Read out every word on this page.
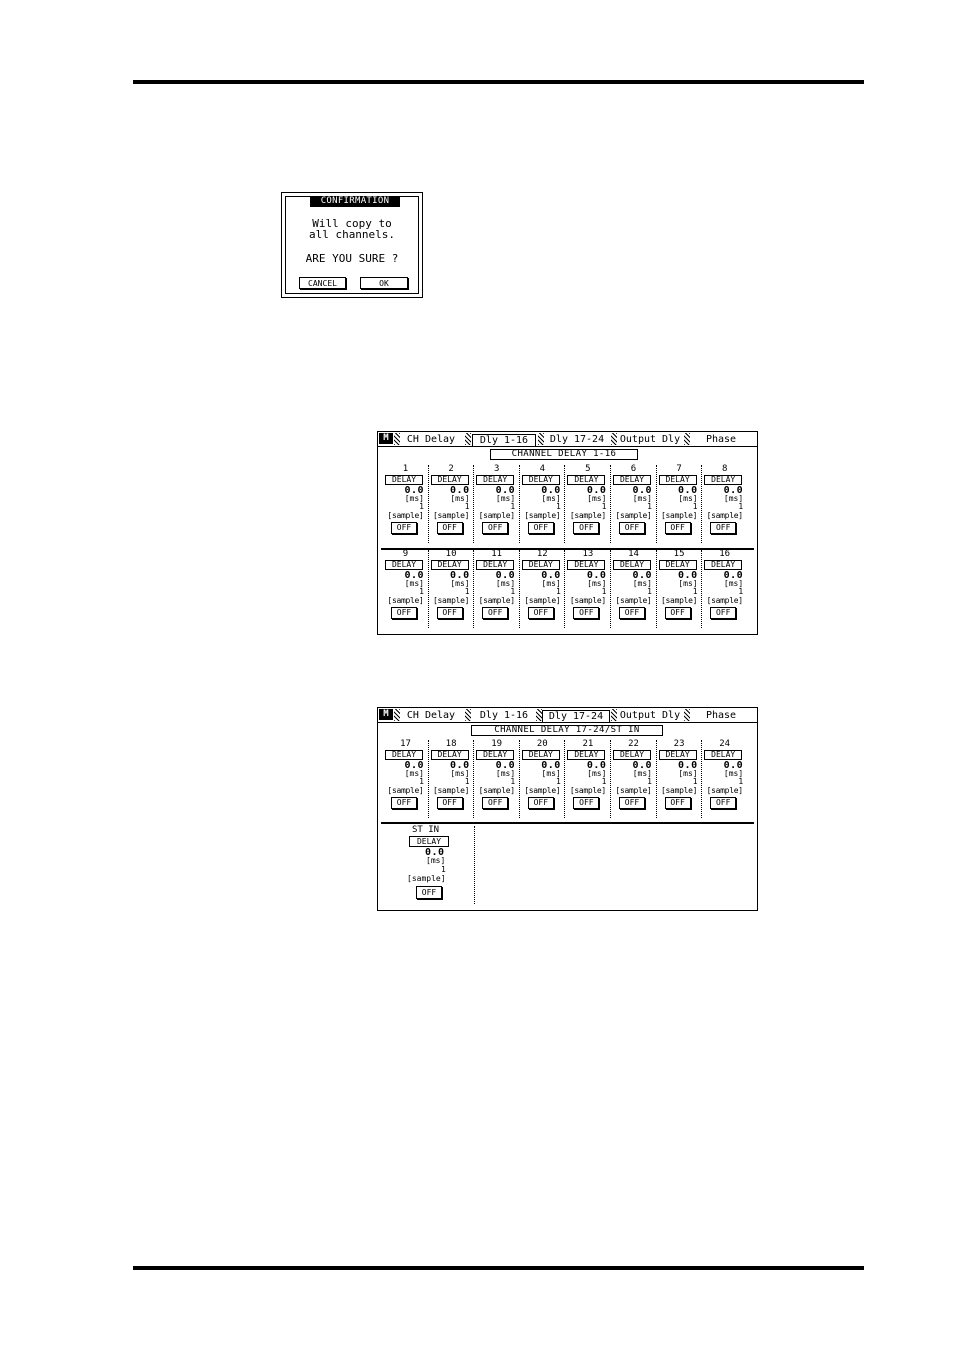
CONFIRMATION
Will copy to
all channels.
ARE YOU SURE ?
CANCEL	OK
M	CH Delay	Dly 1-16	Dly 17-24	Output Dly	Phase
CHANNEL DELAY 1-16
1
DELAY
0.0
[ms]
1
[sample]
OFF
2
DELAY
0.0
[ms]
1
[sample]
OFF
3
DELAY
0.0
[ms]
1
[sample]
OFF
4
DELAY
0.0
[ms]
1
[sample]
OFF
5
DELAY
0.0
[ms]
1
[sample]
OFF
6
DELAY
0.0
[ms]
1
[sample]
OFF
7
DELAY
0.0
[ms]
1
[sample]
OFF
8
DELAY
0.0
[ms]
1
[sample]
OFF
9
DELAY
0.0
[ms]
1
[sample]
OFF
10
DELAY
0.0
[ms]
1
[sample]
OFF
11
DELAY
0.0
[ms]
1
[sample]
OFF
12
DELAY
0.0
[ms]
1
[sample]
OFF
13
DELAY
0.0
[ms]
1
[sample]
OFF
14
DELAY
0.0
[ms]
1
[sample]
OFF
15
DELAY
0.0
[ms]
1
[sample]
OFF
16
DELAY
0.0
[ms]
1
[sample]
OFF
M	CH Delay	Dly 1-16	Dly 17-24	Output Dly	Phase
CHANNEL DELAY 17-24/ST IN
ST IN
DELAY
0.0
[ms]
1
[sample]
OFF
17
DELAY
0.0
[ms]
1
[sample]
OFF
18
DELAY
0.0
[ms]
1
[sample]
OFF
19
DELAY
0.0
[ms]
1
[sample]
OFF
20
DELAY
0.0
[ms]
1
[sample]
OFF
21
DELAY
0.0
[ms]
1
[sample]
OFF
22
DELAY
0.0
[ms]
1
[sample]
OFF
23
DELAY
0.0
[ms]
1
[sample]
OFF
24
DELAY
0.0
[ms]
1
[sample]
OFF
